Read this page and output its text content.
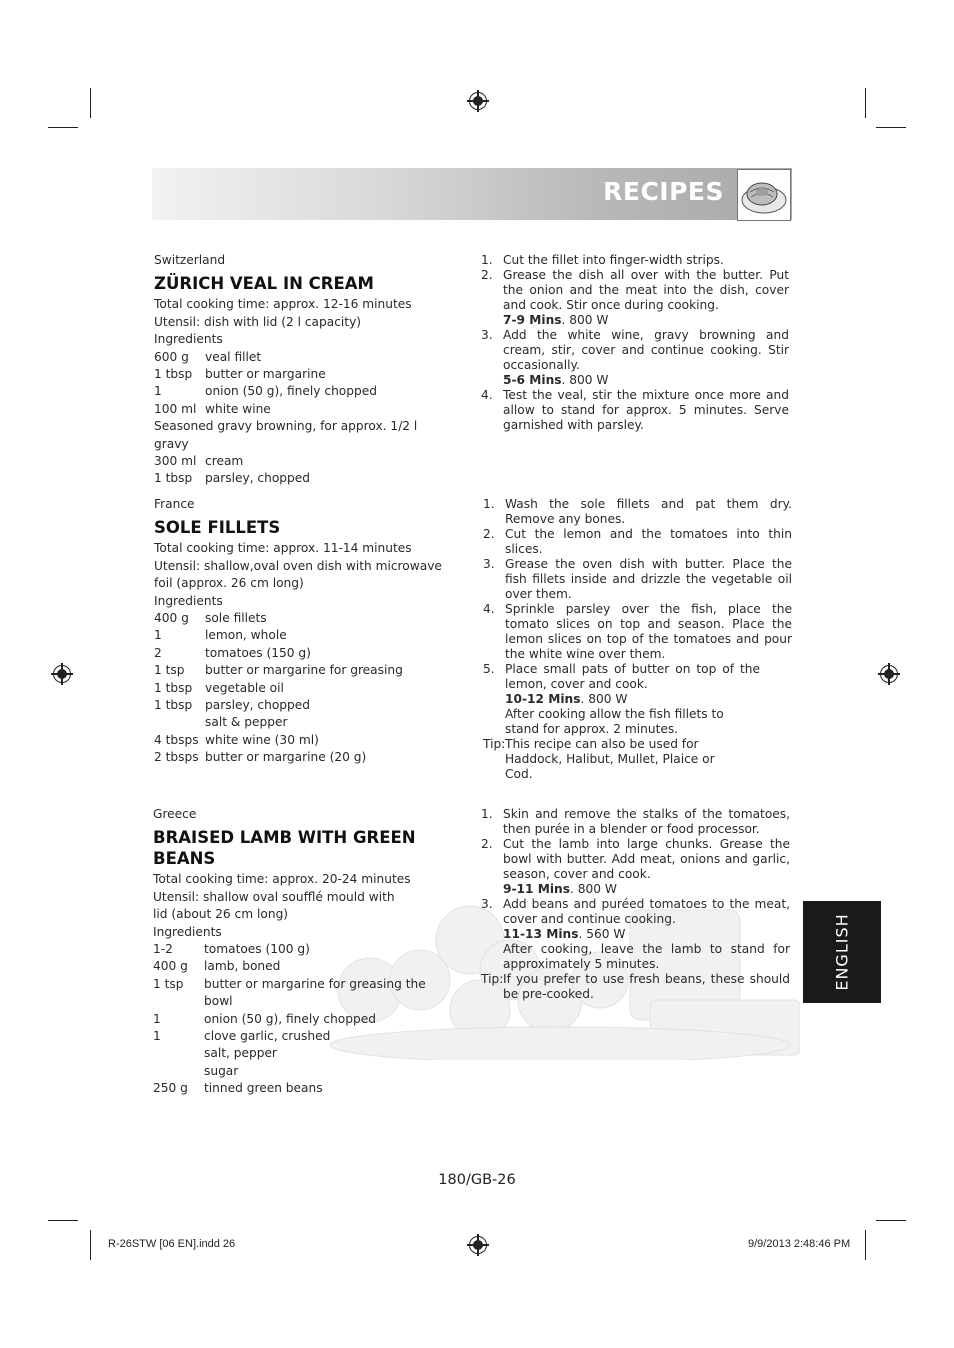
RECIPES
Switzerland
ZÜRICH VEAL IN CREAM
Total cooking time: approx. 12-16 minutes
Utensil: dish with lid (2 l capacity)
Ingredients
600 g	veal fillet
1 tbsp	butter or margarine
1	onion (50 g), finely chopped
100 ml white wine
Seasoned gravy browning, for approx. 1/2 l gravy
300 ml cream
1 tbsp	parsley, chopped
1. Cut the fillet into finger-width strips.
2. Grease the dish all over with the butter. Put the onion and the meat into the dish, cover and cook. Stir once during cooking.
7-9 Mins. 800 W
3. Add the white wine, gravy browning and cream, stir, cover and continue cooking. Stir occasionally.
5-6 Mins. 800 W
4. Test the veal, stir the mixture once more and allow to stand for approx. 5 minutes. Serve garnished with parsley.
France
SOLE FILLETS
Total cooking time: approx. 11-14 minutes
Utensil: shallow,oval oven dish with microwave foil (approx. 26 cm long)
Ingredients
400 g	sole fillets
1	lemon, whole
2	tomatoes (150 g)
1 tsp	butter or margarine for greasing
1 tbsp	vegetable oil
1 tbsp	parsley, chopped
salt & pepper
4 tbsps white wine (30 ml)
2 tbsps butter or margarine (20 g)
1. Wash the sole fillets and pat them dry. Remove any bones.
2. Cut the lemon and the tomatoes into thin slices.
3. Grease the oven dish with butter. Place the fish fillets inside and drizzle the vegetable oil over them.
4. Sprinkle parsley over the fish, place the tomato slices on top and season. Place the lemon slices on top of the tomatoes and pour the white wine over them.
5. Place small pats of butter on top of the lemon, cover and cook.
10-12 Mins. 800 W
After cooking allow the fish fillets to stand for approx. 2 minutes.
Tip: This recipe can also be used for Haddock, Halibut, Mullet, Plaice or Cod.
Greece
BRAISED LAMB WITH GREEN BEANS
Total cooking time: approx. 20-24 minutes
Utensil: shallow oval soufflé mould with lid (about 26 cm long)
Ingredients
1-2	tomatoes (100 g)
400 g	lamb, boned
1 tsp	butter or margarine for greasing the bowl
1	onion (50 g), finely chopped
1	clove garlic, crushed
salt, pepper
sugar
250 g	tinned green beans
1. Skin and remove the stalks of the tomatoes, then purée in a blender or food processor.
2. Cut the lamb into large chunks. Grease the bowl with butter. Add meat, onions and garlic, season, cover and cook.
9-11 Mins. 800 W
3. Add beans and puréed tomatoes to the meat, cover and continue cooking.
11-13 Mins. 560 W
After cooking, leave the lamb to stand for approximately 5 minutes.
Tip: If you prefer to use fresh beans, these should be pre-cooked.
ENGLISH
180/GB-26
R-26STW [06 EN].indd 26	9/9/2013 2:48:46 PM
